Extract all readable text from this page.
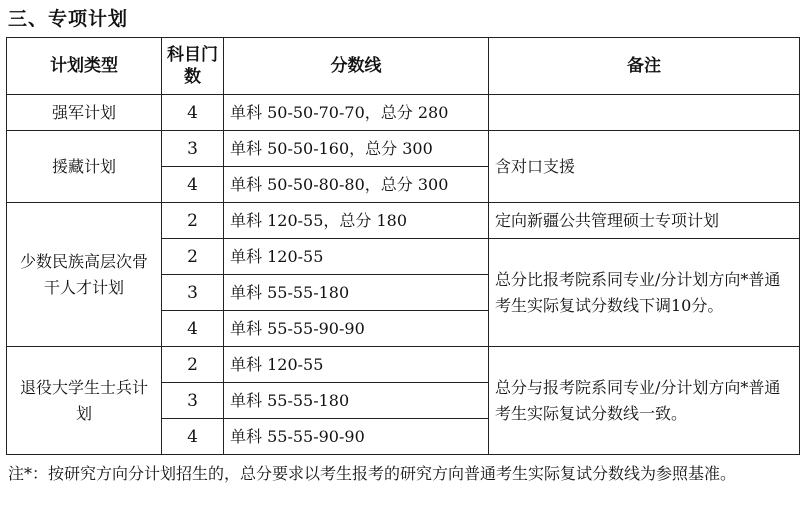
三、专项计划
计划类型	科目门数	分数线	备注
强军计划	4	单科 50-50-70-70，总分 280	
援藏计划	3	单科 50-50-160，总分 300	含对口支援
	4	单科 50-50-80-80，总分 300	
少数民族高层次骨干人才计划	2	单科 120-55，总分 180	定向新疆公共管理硕士专项计划
	2	单科 120-55	总分比报考院系同专业/分计划方向*普通考生实际复试分数线下调10分。
	3	单科 55-55-180	
	4	单科 55-55-90-90	
退役大学生士兵计划	2	单科 120-55	总分与报考院系同专业/分计划方向*普通考生实际复试分数线一致。
	3	单科 55-55-180	
	4	单科 55-55-90-90	

注*：按研究方向分计划招生的，总分要求以考生报考的研究方向普通考生实际复试分数线为参照基准。
